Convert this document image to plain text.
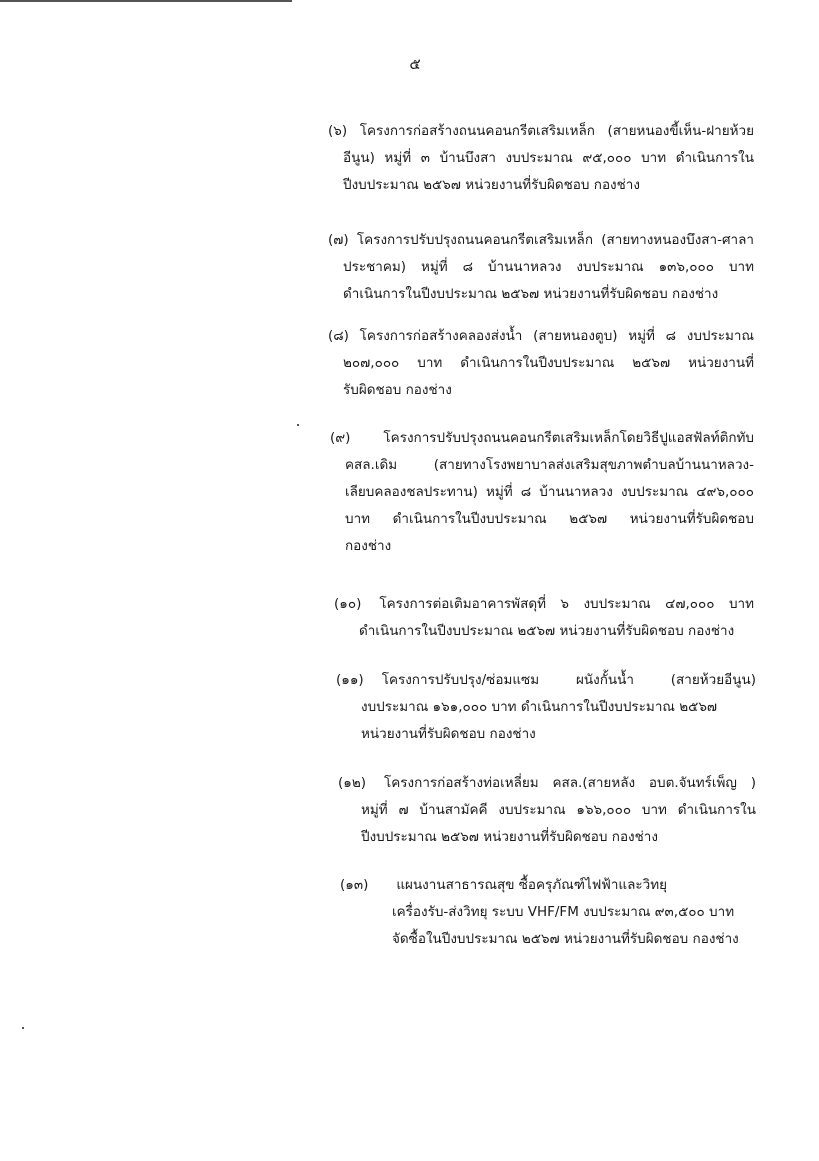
๕
(๖) โครงการก่อสร้างถนนคอนกรีตเสริมเหล็ก (สายหนองขี้เห็น-ฝายห้วย
อีนูน) หมู่ที่ ๓ บ้านบึงสา งบประมาณ ๙๕,๐๐๐ บาท ดำเนินการใน
ปีงบประมาณ ๒๕๖๗ หน่วยงานที่รับผิดชอบ กองช่าง
(๗) โครงการปรับปรุงถนนคอนกรีตเสริมเหล็ก (สายทางหนองบึงสา-ศาลา
ประชาคม) หมู่ที่ ๘ บ้านนาหลวง งบประมาณ ๑๓๖,๐๐๐ บาท
ดำเนินการในปีงบประมาณ ๒๕๖๗ หน่วยงานที่รับผิดชอบ กองช่าง
(๘) โครงการก่อสร้างคลองส่งน้ำ (สายหนองตูบ) หมู่ที่ ๘ งบประมาณ
๒๐๗,๐๐๐ บาท ดำเนินการในปีงบประมาณ ๒๕๖๗ หน่วยงานที่
รับผิดชอบ กองช่าง
(๙) โครงการปรับปรุงถนนคอนกรีตเสริมเหล็กโดยวิธีปูแอสฟัลท์ติกทับ
คสล.เดิม (สายทางโรงพยาบาลส่งเสริมสุขภาพตำบลบ้านนาหลวง-
เลียบคลองชลประทาน) หมู่ที่ ๘ บ้านนาหลวง งบประมาณ ๔๙๖,๐๐๐
บาท ดำเนินการในปีงบประมาณ ๒๕๖๗ หน่วยงานที่รับผิดชอบ
กองช่าง
(๑๐) โครงการต่อเติมอาคารพัสดุที่ ๖ งบประมาณ ๔๗,๐๐๐ บาท
ดำเนินการในปีงบประมาณ ๒๕๖๗ หน่วยงานที่รับผิดชอบ กองช่าง
(๑๑) โครงการปรับปรุง/ซ่อมแซม ผนังกั้นน้ำ (สายห้วยอีนูน)
งบประมาณ ๑๖๑,๐๐๐ บาท ดำเนินการในปีงบประมาณ ๒๕๖๗
หน่วยงานที่รับผิดชอบ กองช่าง
(๑๒) โครงการก่อสร้างท่อเหลี่ยม คสล.(สายหลัง อบต.จันทร์เพ็ญ )
หมู่ที่ ๗ บ้านสามัคคี งบประมาณ ๑๖๖,๐๐๐ บาท ดำเนินการใน
ปีงบประมาณ ๒๕๖๗ หน่วยงานที่รับผิดชอบ กองช่าง
(๑๓) แผนงานสาธารณสุข ซื้อครุภัณฑ์ไฟฟ้าและวิทยุ
เครื่องรับ-ส่งวิทยุ ระบบ VHF/FM งบประมาณ ๙๓,๕๐๐ บาท
จัดซื้อในปีงบประมาณ ๒๕๖๗ หน่วยงานที่รับผิดชอบ กองช่าง
